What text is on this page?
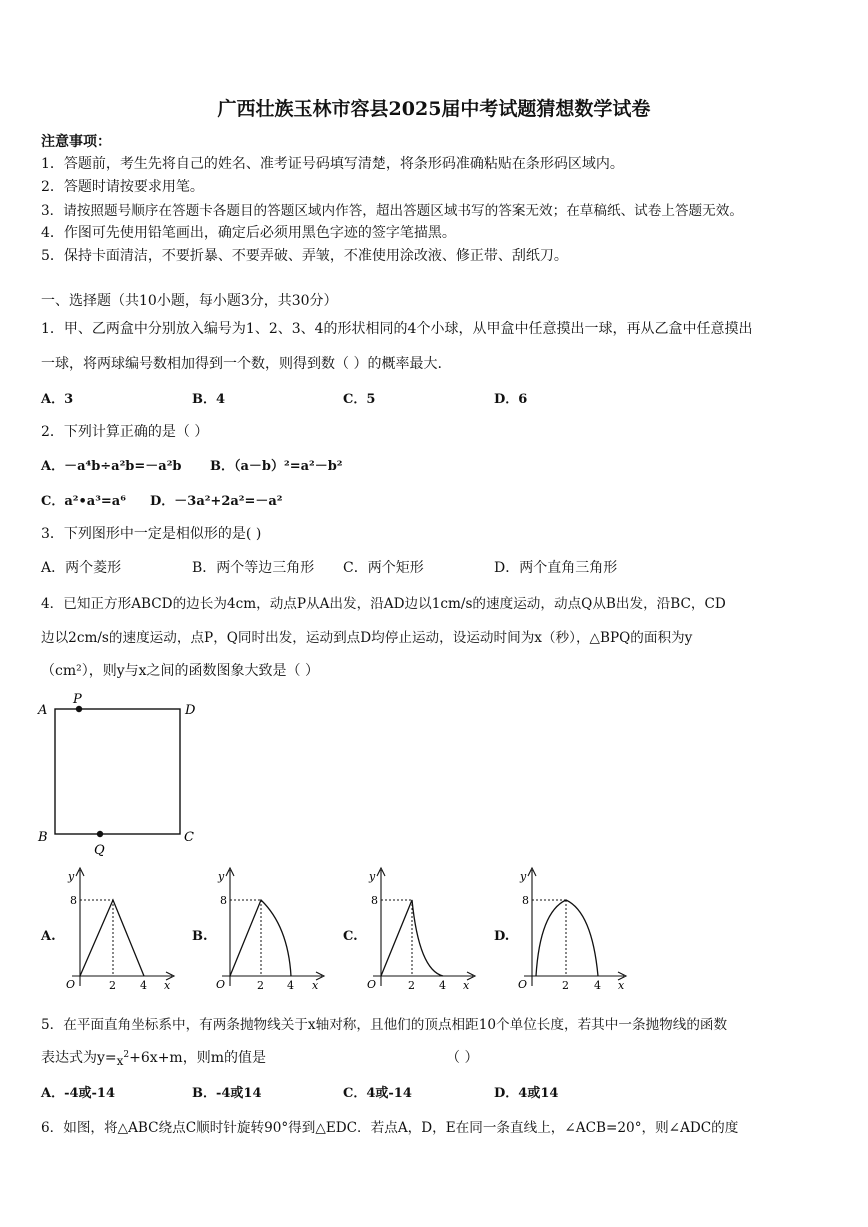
广西壮族玉林市容县2025届中考试题猜想数学试卷
注意事项：
1．答题前，考生先将自己的姓名、准考证号码填写清楚，将条形码准确粘贴在条形码区域内。
2．答题时请按要求用笔。
3．请按照题号顺序在答题卡各题目的答题区域内作答，超出答题区域书写的答案无效；在草稿纸、试卷上答题无效。
4．作图可先使用铅笔画出，确定后必须用黑色字迹的签字笔描黑。
5．保持卡面清洁，不要折暴、不要弄破、弄皱，不准使用涂改液、修正带、刮纸刀。
一、选择题（共10小题，每小题3分，共30分）
1．甲、乙两盒中分别放入编号为1、2、3、4的形状相同的4个小球，从甲盒中任意摸出一球，再从乙盒中任意摸出
一球，将两球编号数相加得到一个数，则得到数（ ）的概率最大.
A．3	B．4	C．5	D．6
2．下列计算正确的是（ ）
A．－a⁴b÷a²b=－a²b B．（a－b）²=a²－b²
C．a²•a³=a⁶ D．－3a²+2a²=－a²
3．下列图形中一定是相似形的是( )
A．两个菱形	B．两个等边三角形 C．两个矩形	D．两个直角三角形
4．已知正方形ABCD的边长为4cm，动点P从A出发，沿AD边以1cm/s的速度运动，动点Q从B出发，沿BC，CD
边以2cm/s的速度运动，点P，Q同时出发，运动到点D均停止运动，设运动时间为x（秒），△BPQ的面积为y
（cm²），则y与x之间的函数图象大致是（ ）
A
P
D
B	C
Q
A.	B.	C.	D.
y
8
O	2 4 x
y
8
O	2 4 x
y
8
O	2 4 x
y
8
O	2 4 x
5．在平面直角坐标系中，有两条抛物线关于x轴对称，且他们的顶点相距10个单位长度，若其中一条抛物线的函数
表达式为$y=x^2+6x+m$，则m的值是	（ ）
A．-4或-14	B．-4或14	C．4或-14	D．4或14
6．如图，将△ABC绕点C顺时针旋转90°得到△EDC．若点A，D，E在同一条直线上，∠ACB=20°，则∠ADC的度
